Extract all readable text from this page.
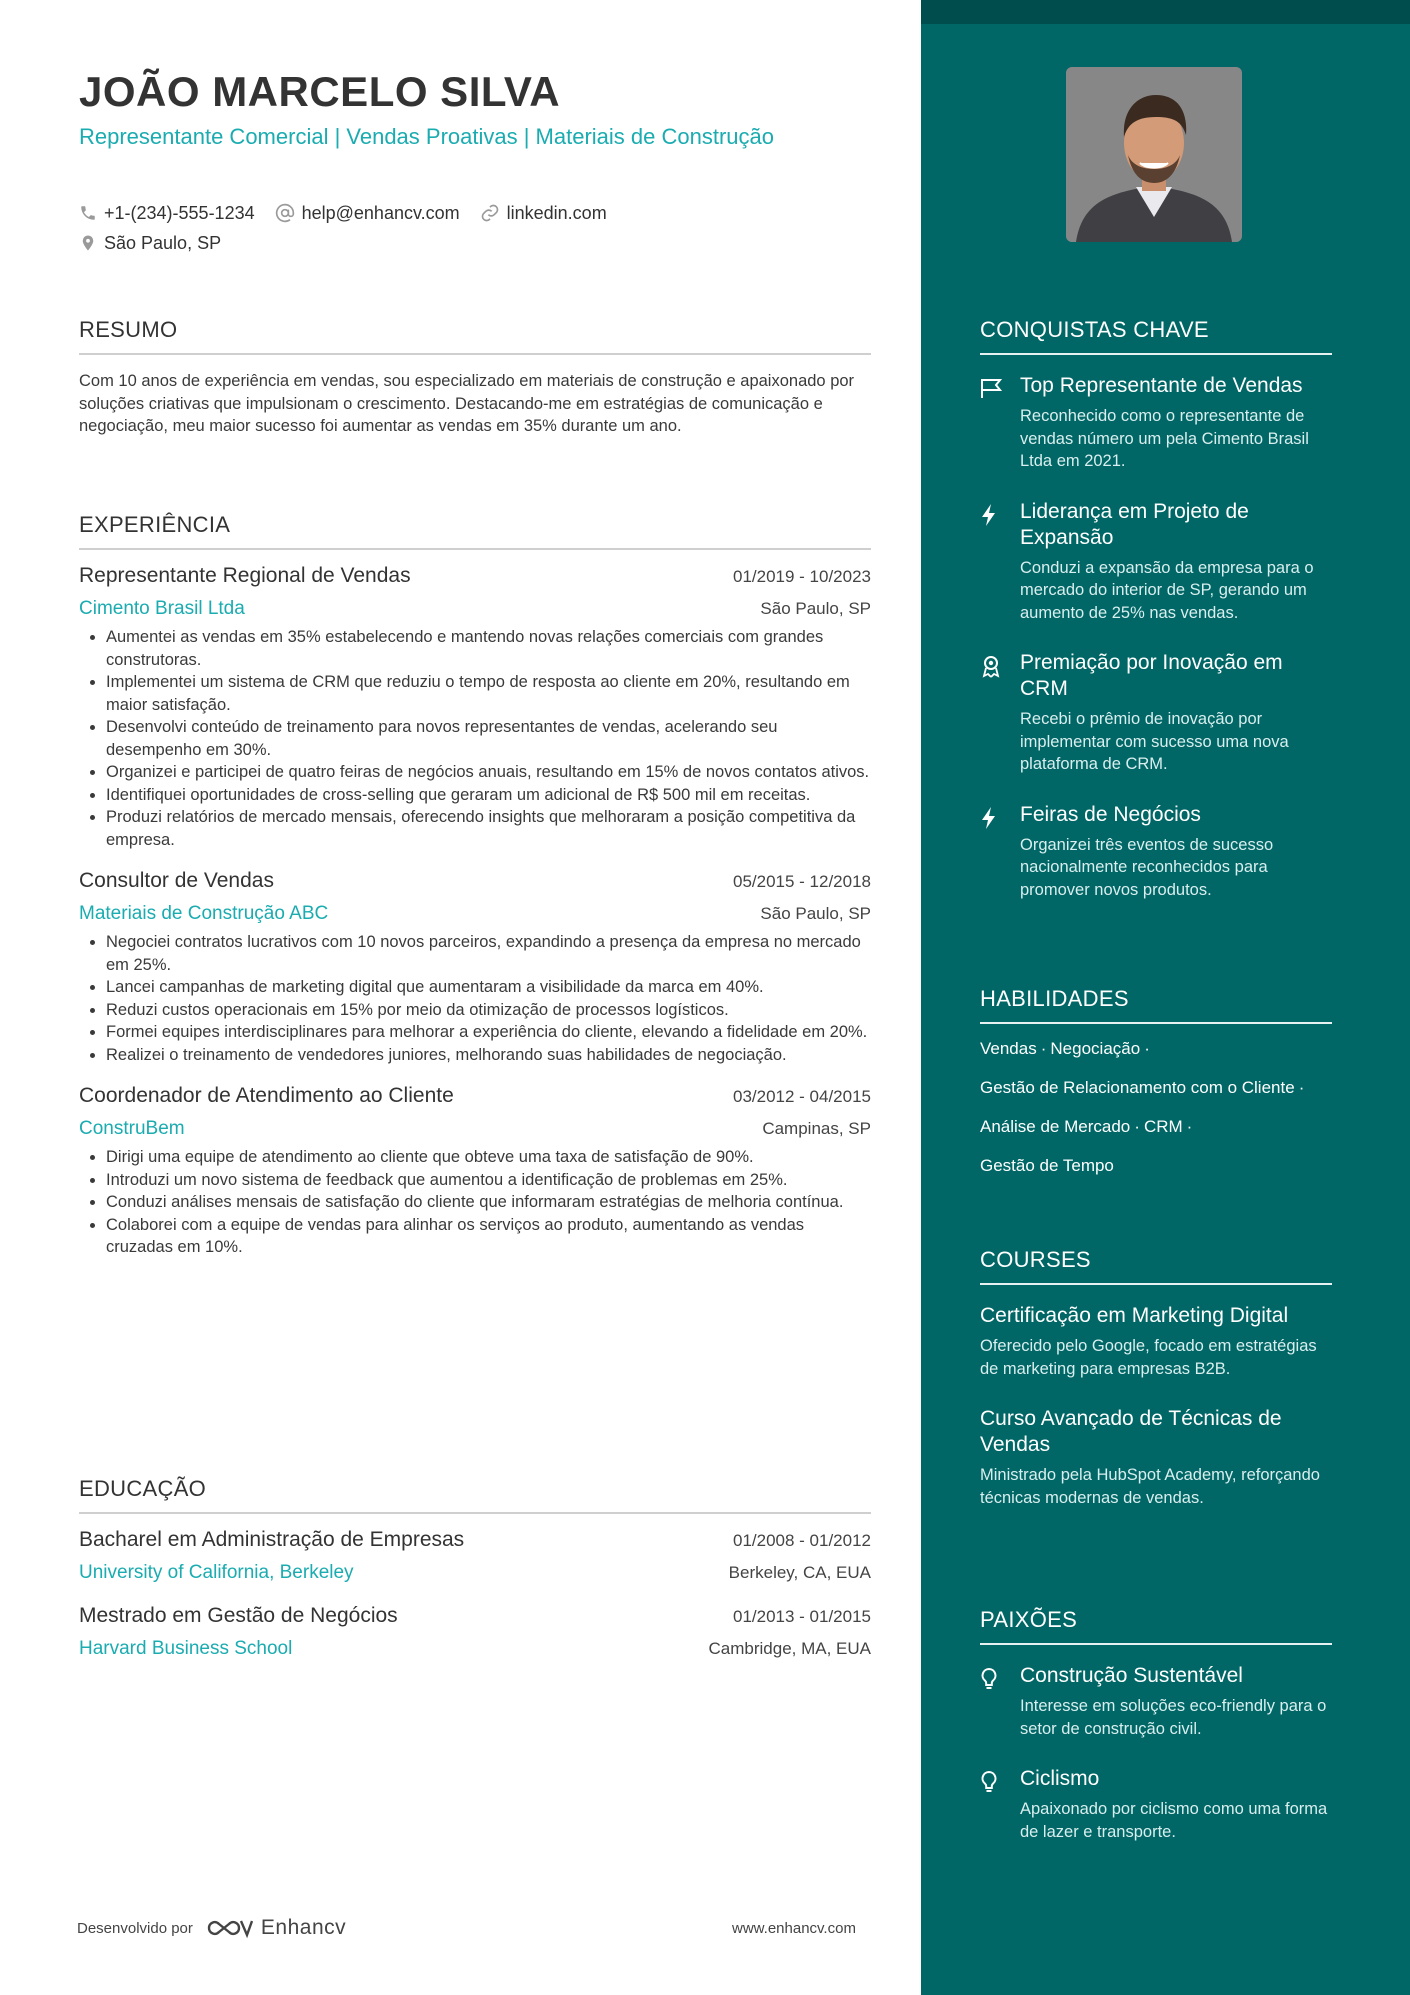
JOÃO MARCELO SILVA
Representante Comercial | Vendas Proativas | Materiais de Construção
+1-(234)-555-1234	help@enhancv.com	linkedin.com
São Paulo, SP
RESUMO
Com 10 anos de experiência em vendas, sou especializado em materiais de construção e apaixonado por soluções criativas que impulsionam o crescimento. Destacando-me em estratégias de comunicação e negociação, meu maior sucesso foi aumentar as vendas em 35% durante um ano.
EXPERIÊNCIA
Representante Regional de Vendas	01/2019 - 10/2023
Cimento Brasil Ltda	São Paulo, SP
• Aumentei as vendas em 35% estabelecendo e mantendo novas relações comerciais com grandes construtoras.
• Implementei um sistema de CRM que reduziu o tempo de resposta ao cliente em 20%, resultando em maior satisfação.
• Desenvolvi conteúdo de treinamento para novos representantes de vendas, acelerando seu desempenho em 30%.
• Organizei e participei de quatro feiras de negócios anuais, resultando em 15% de novos contatos ativos.
• Identifiquei oportunidades de cross-selling que geraram um adicional de R$ 500 mil em receitas.
• Produzi relatórios de mercado mensais, oferecendo insights que melhoraram a posição competitiva da empresa.
Consultor de Vendas	05/2015 - 12/2018
Materiais de Construção ABC	São Paulo, SP
• Negociei contratos lucrativos com 10 novos parceiros, expandindo a presença da empresa no mercado em 25%.
• Lancei campanhas de marketing digital que aumentaram a visibilidade da marca em 40%.
• Reduzi custos operacionais em 15% por meio da otimização de processos logísticos.
• Formei equipes interdisciplinares para melhorar a experiência do cliente, elevando a fidelidade em 20%.
• Realizei o treinamento de vendedores juniores, melhorando suas habilidades de negociação.
Coordenador de Atendimento ao Cliente	03/2012 - 04/2015
ConstruBem	Campinas, SP
• Dirigi uma equipe de atendimento ao cliente que obteve uma taxa de satisfação de 90%.
• Introduzi um novo sistema de feedback que aumentou a identificação de problemas em 25%.
• Conduzi análises mensais de satisfação do cliente que informaram estratégias de melhoria contínua.
• Colaborei com a equipe de vendas para alinhar os serviços ao produto, aumentando as vendas cruzadas em 10%.
EDUCAÇÃO
Bacharel em Administração de Empresas	01/2008 - 01/2012
University of California, Berkeley	Berkeley, CA, EUA
Mestrado em Gestão de Negócios	01/2013 - 01/2015
Harvard Business School	Cambridge, MA, EUA
Desenvolvido por	Enhancv	www.enhancv.com
CONQUISTAS CHAVE
Top Representante de Vendas
Reconhecido como o representante de vendas número um pela Cimento Brasil Ltda em 2021.
Liderança em Projeto de Expansão
Conduzi a expansão da empresa para o mercado do interior de SP, gerando um aumento de 25% nas vendas.
Premiação por Inovação em CRM
Recebi o prêmio de inovação por implementar com sucesso uma nova plataforma de CRM.
Feiras de Negócios
Organizei três eventos de sucesso nacionalmente reconhecidos para promover novos produtos.
HABILIDADES
Vendas · Negociação ·
Gestão de Relacionamento com o Cliente ·
Análise de Mercado · CRM ·
Gestão de Tempo
COURSES
Certificação em Marketing Digital
Oferecido pelo Google, focado em estratégias de marketing para empresas B2B.
Curso Avançado de Técnicas de Vendas
Ministrado pela HubSpot Academy, reforçando técnicas modernas de vendas.
PAIXÕES
Construção Sustentável
Interesse em soluções eco-friendly para o setor de construção civil.
Ciclismo
Apaixonado por ciclismo como uma forma de lazer e transporte.
